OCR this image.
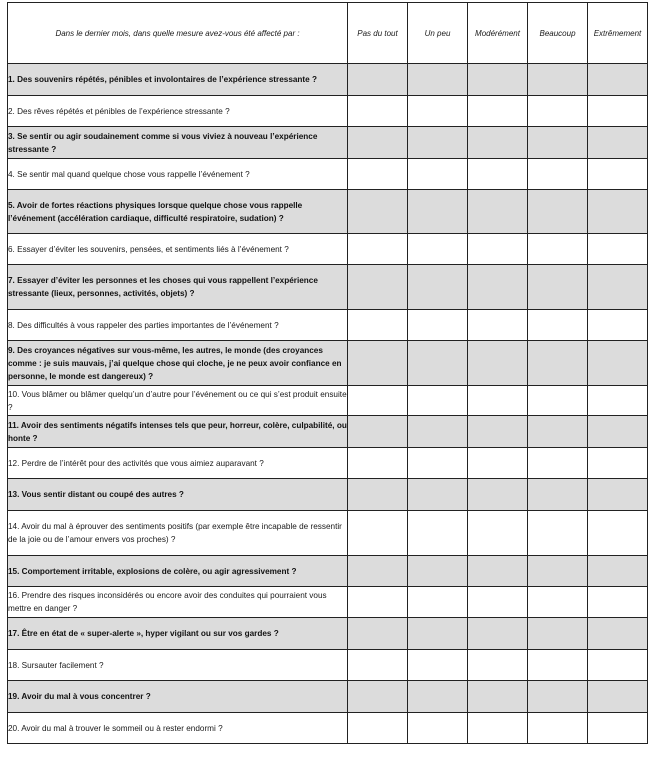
Dans le dernier mois, dans quelle mesure avez-vous été affecté par :	Pas du tout	Un peu	Modérément	Beaucoup	Extrêmement
1. Des souvenirs répétés, pénibles et involontaires de l’expérience stressante ?					
2. Des rêves répétés et pénibles de l’expérience stressante ?					
3. Se sentir ou agir soudainement comme si vous viviez à nouveau l’expérience stressante ?					
4. Se sentir mal quand quelque chose vous rappelle l’événement ?					
5. Avoir de fortes réactions physiques lorsque quelque chose vous rappelle l’événement (accélération cardiaque, difficulté respiratoire, sudation) ?					
6. Essayer d’éviter les souvenirs, pensées, et sentiments liés à l’événement ?					
7. Essayer d’éviter les personnes et les choses qui vous rappellent l’expérience stressante (lieux, personnes, activités, objets) ?					
8. Des difficultés à vous rappeler des parties importantes de l’événement ?					
9. Des croyances négatives sur vous-même, les autres, le monde (des croyances comme : je suis mauvais, j’ai quelque chose qui cloche, je ne peux avoir confiance en personne, le monde est dangereux) ?					
10. Vous blâmer ou blâmer quelqu’un d’autre pour l’événement ou ce qui s’est produit ensuite ?					
11. Avoir des sentiments négatifs intenses tels que peur, horreur, colère, culpabilité, ou honte ?					
12. Perdre de l’intérêt pour des activités que vous aimiez auparavant ?					
13. Vous sentir distant ou coupé des autres ?					
14. Avoir du mal à éprouver des sentiments positifs (par exemple être incapable de ressentir de la joie ou de l’amour envers vos proches) ?					
15. Comportement irritable, explosions de colère, ou agir agressivement ?					
16. Prendre des risques inconsidérés ou encore avoir des conduites qui pourraient vous mettre en danger ?					
17. Être en état de « super-alerte », hyper vigilant ou sur vos gardes ?					
18. Sursauter facilement ?					
19. Avoir du mal à vous concentrer ?					
20. Avoir du mal à trouver le sommeil ou à rester endormi ?					
